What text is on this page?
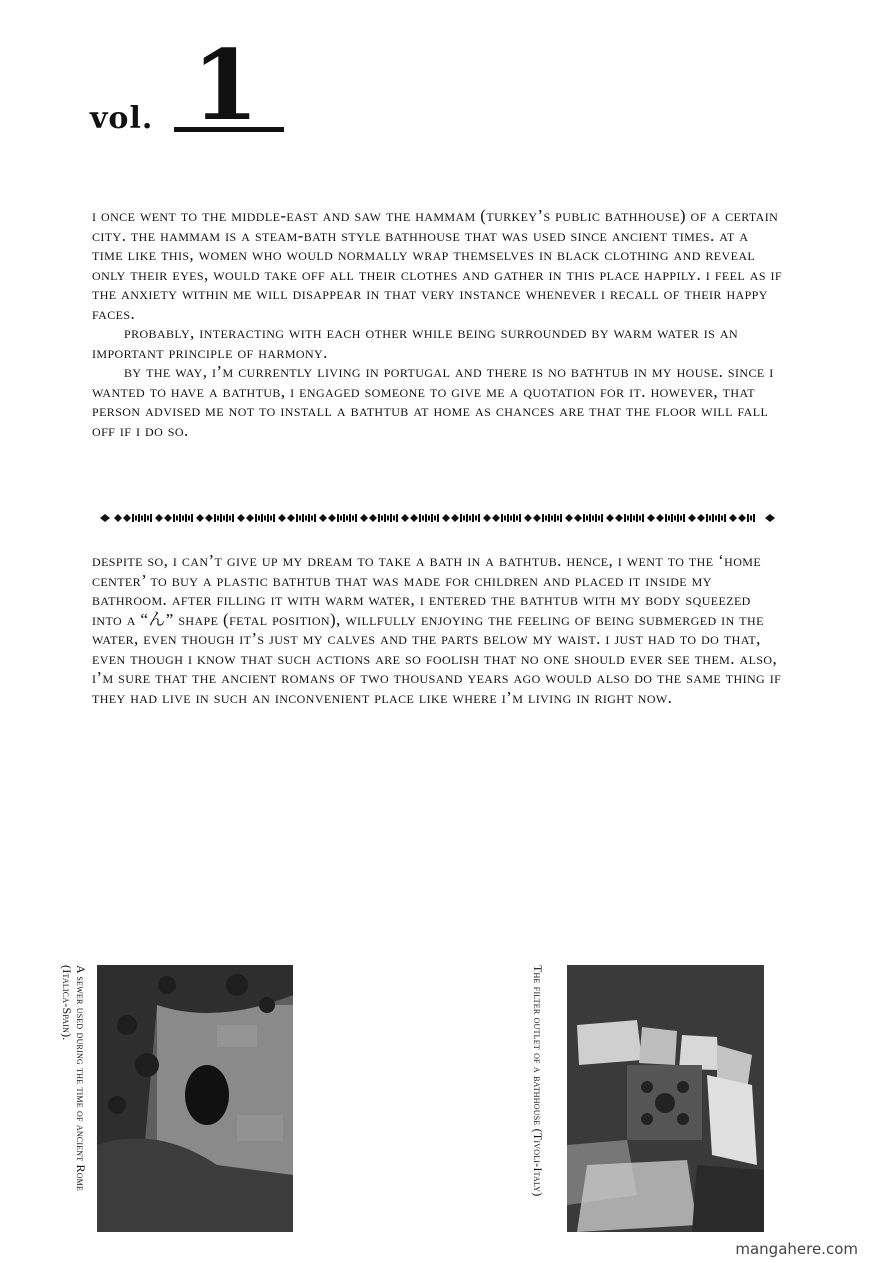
vol. 1

i once went to the middle-east and saw the hammam (turkey’s public bathhouse) of a certain city. the hammam is a steam-bath style bathhouse that was used since ancient times. at a time like this, women who would normally wrap themselves in black clothing and reveal only their eyes, would take off all their clothes and gather in this place happily. i feel as if the anxiety within me will disappear in that very instance whenever i recall of their happy faces.

probably, interacting with each other while being surrounded by warm water is an important principle of harmony.

by the way, i’m currently living in portugal and there is no bathtub in my house. since i wanted to have a bathtub, i engaged someone to give me a quotation for it. however, that person advised me not to install a bathtub at home as chances are that the floor will fall off if i do so.

despite so, i can’t give up my dream to take a bath in a bathtub. hence, i went to the ‘home center’ to buy a plastic bathtub that was made for children and placed it inside my bathroom. after filling it with warm water, i entered the bathtub with my body squeezed into a “ん” shape (fetal position), willfully enjoying the feeling of being submerged in the water, even though it’s just my calves and the parts below my waist. i just had to do that, even though i know that such actions are so foolish that no one should ever see them. also, i’m sure that the ancient romans of two thousand years ago would also do the same thing if they had live in such an inconvenient place like where i’m living in right now.

A sewer used during the time of ancient Rome (Italica-Spain).	The filter outlet of a bathhouse (Tivoli-Italy)
mangahere.com
